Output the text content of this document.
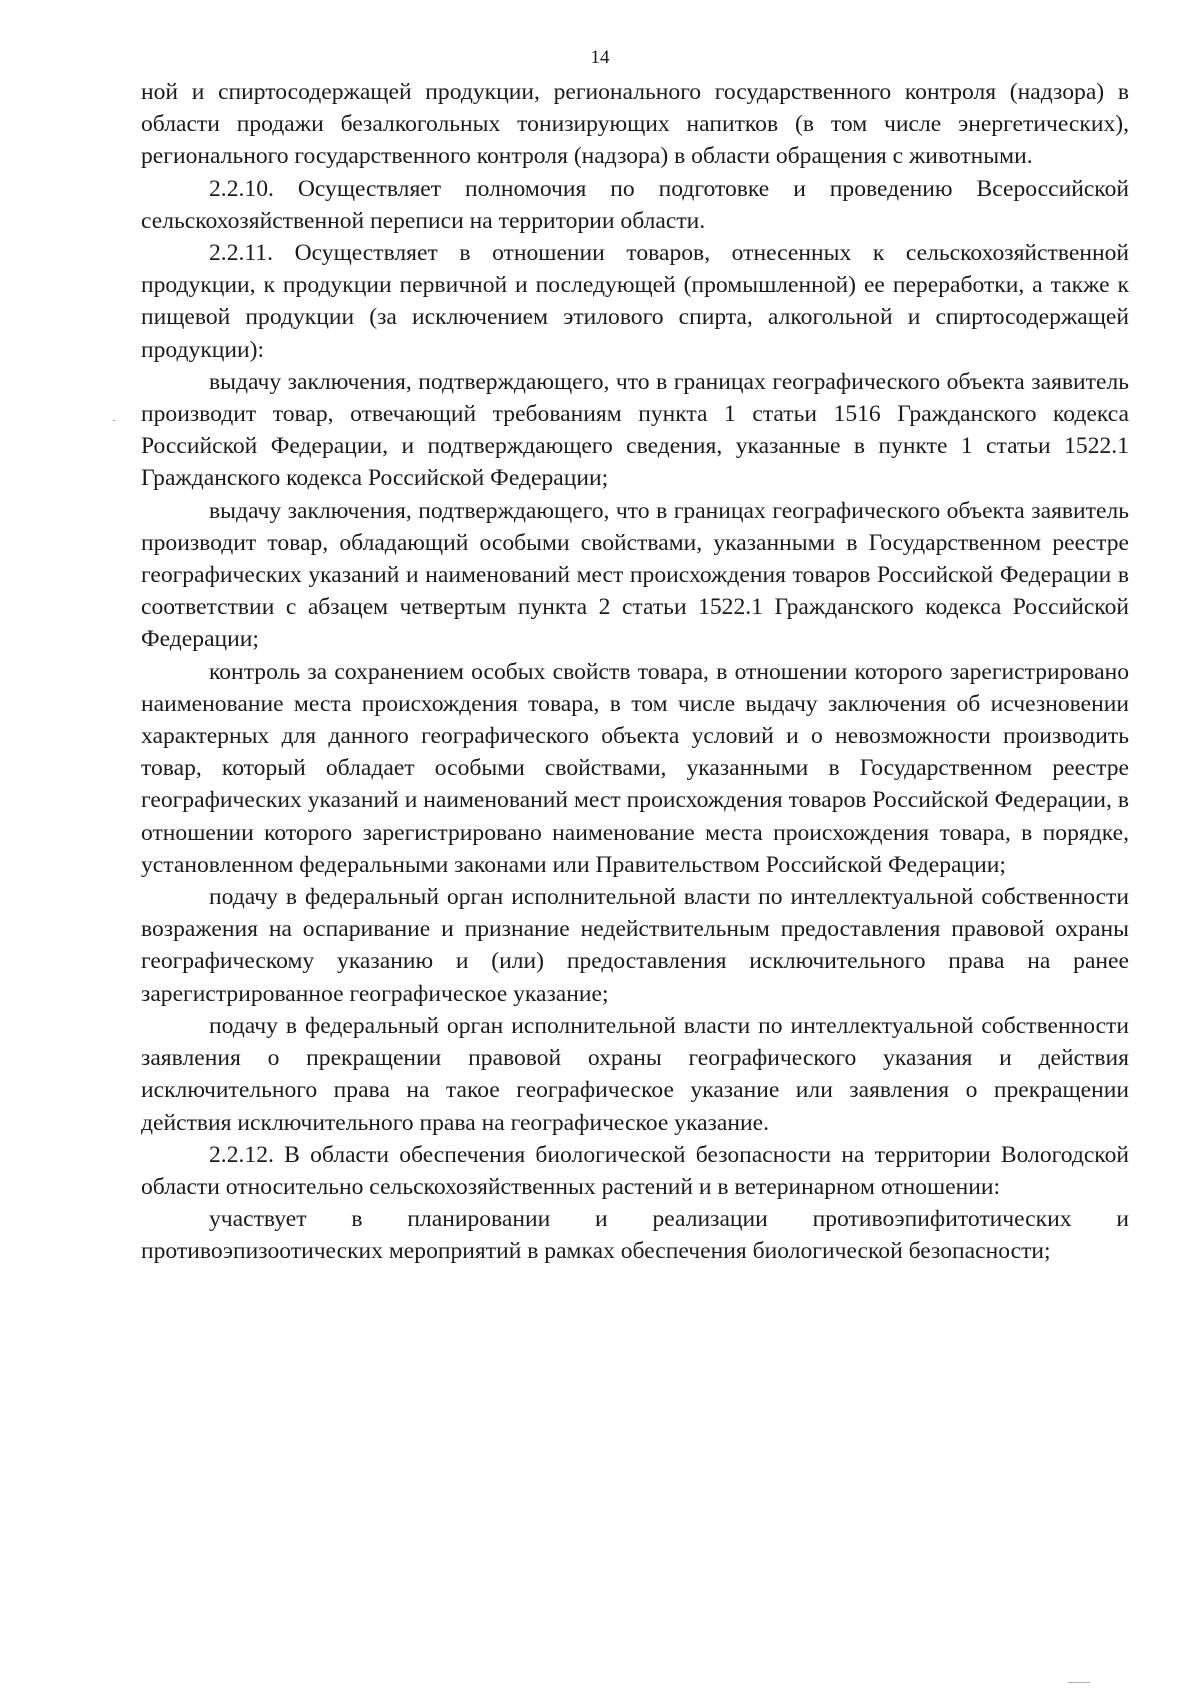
14

ной и спиртосодержащей продукции, регионального государственного контроля (надзора) в области продажи безалкогольных тонизирующих напитков (в том числе энергетических), регионального государственного контроля (надзора) в области обращения с животными.

2.2.10. Осуществляет полномочия по подготовке и проведению Всероссийской сельскохозяйственной переписи на территории области.

2.2.11. Осуществляет в отношении товаров, отнесенных к сельскохозяйственной продукции, к продукции первичной и последующей (промышленной) ее переработки, а также к пищевой продукции (за исключением этилового спирта, алкогольной и спиртосодержащей продукции):

выдачу заключения, подтверждающего, что в границах географического объекта заявитель производит товар, отвечающий требованиям пункта 1 статьи 1516 Гражданского кодекса Российской Федерации, и подтверждающего сведения, указанные в пункте 1 статьи 1522.1 Гражданского кодекса Российской Федерации;

выдачу заключения, подтверждающего, что в границах географического объекта заявитель производит товар, обладающий особыми свойствами, указанными в Государственном реестре географических указаний и наименований мест происхождения товаров Российской Федерации в соответствии с абзацем четвертым пункта 2 статьи 1522.1 Гражданского кодекса Российской Федерации;

контроль за сохранением особых свойств товара, в отношении которого зарегистрировано наименование места происхождения товара, в том числе выдачу заключения об исчезновении характерных для данного географического объекта условий и о невозможности производить товар, который обладает особыми свойствами, указанными в Государственном реестре географических указаний и наименований мест происхождения товаров Российской Федерации, в отношении которого зарегистрировано наименование места происхождения товара, в порядке, установленном федеральными законами или Правительством Российской Федерации;

подачу в федеральный орган исполнительной власти по интеллектуальной собственности возражения на оспаривание и признание недействительным предоставления правовой охраны географическому указанию и (или) предоставления исключительного права на ранее зарегистрированное географическое указание;

подачу в федеральный орган исполнительной власти по интеллектуальной собственности заявления о прекращении правовой охраны географического указания и действия исключительного права на такое географическое указание или заявления о прекращении действия исключительного права на географическое указание.

2.2.12. В области обеспечения биологической безопасности на территории Вологодской области относительно сельскохозяйственных растений и в ветеринарном отношении:

участвует в планировании и реализации противоэпифитотических и противоэпизоотических мероприятий в рамках обеспечения биологической безопасности;
